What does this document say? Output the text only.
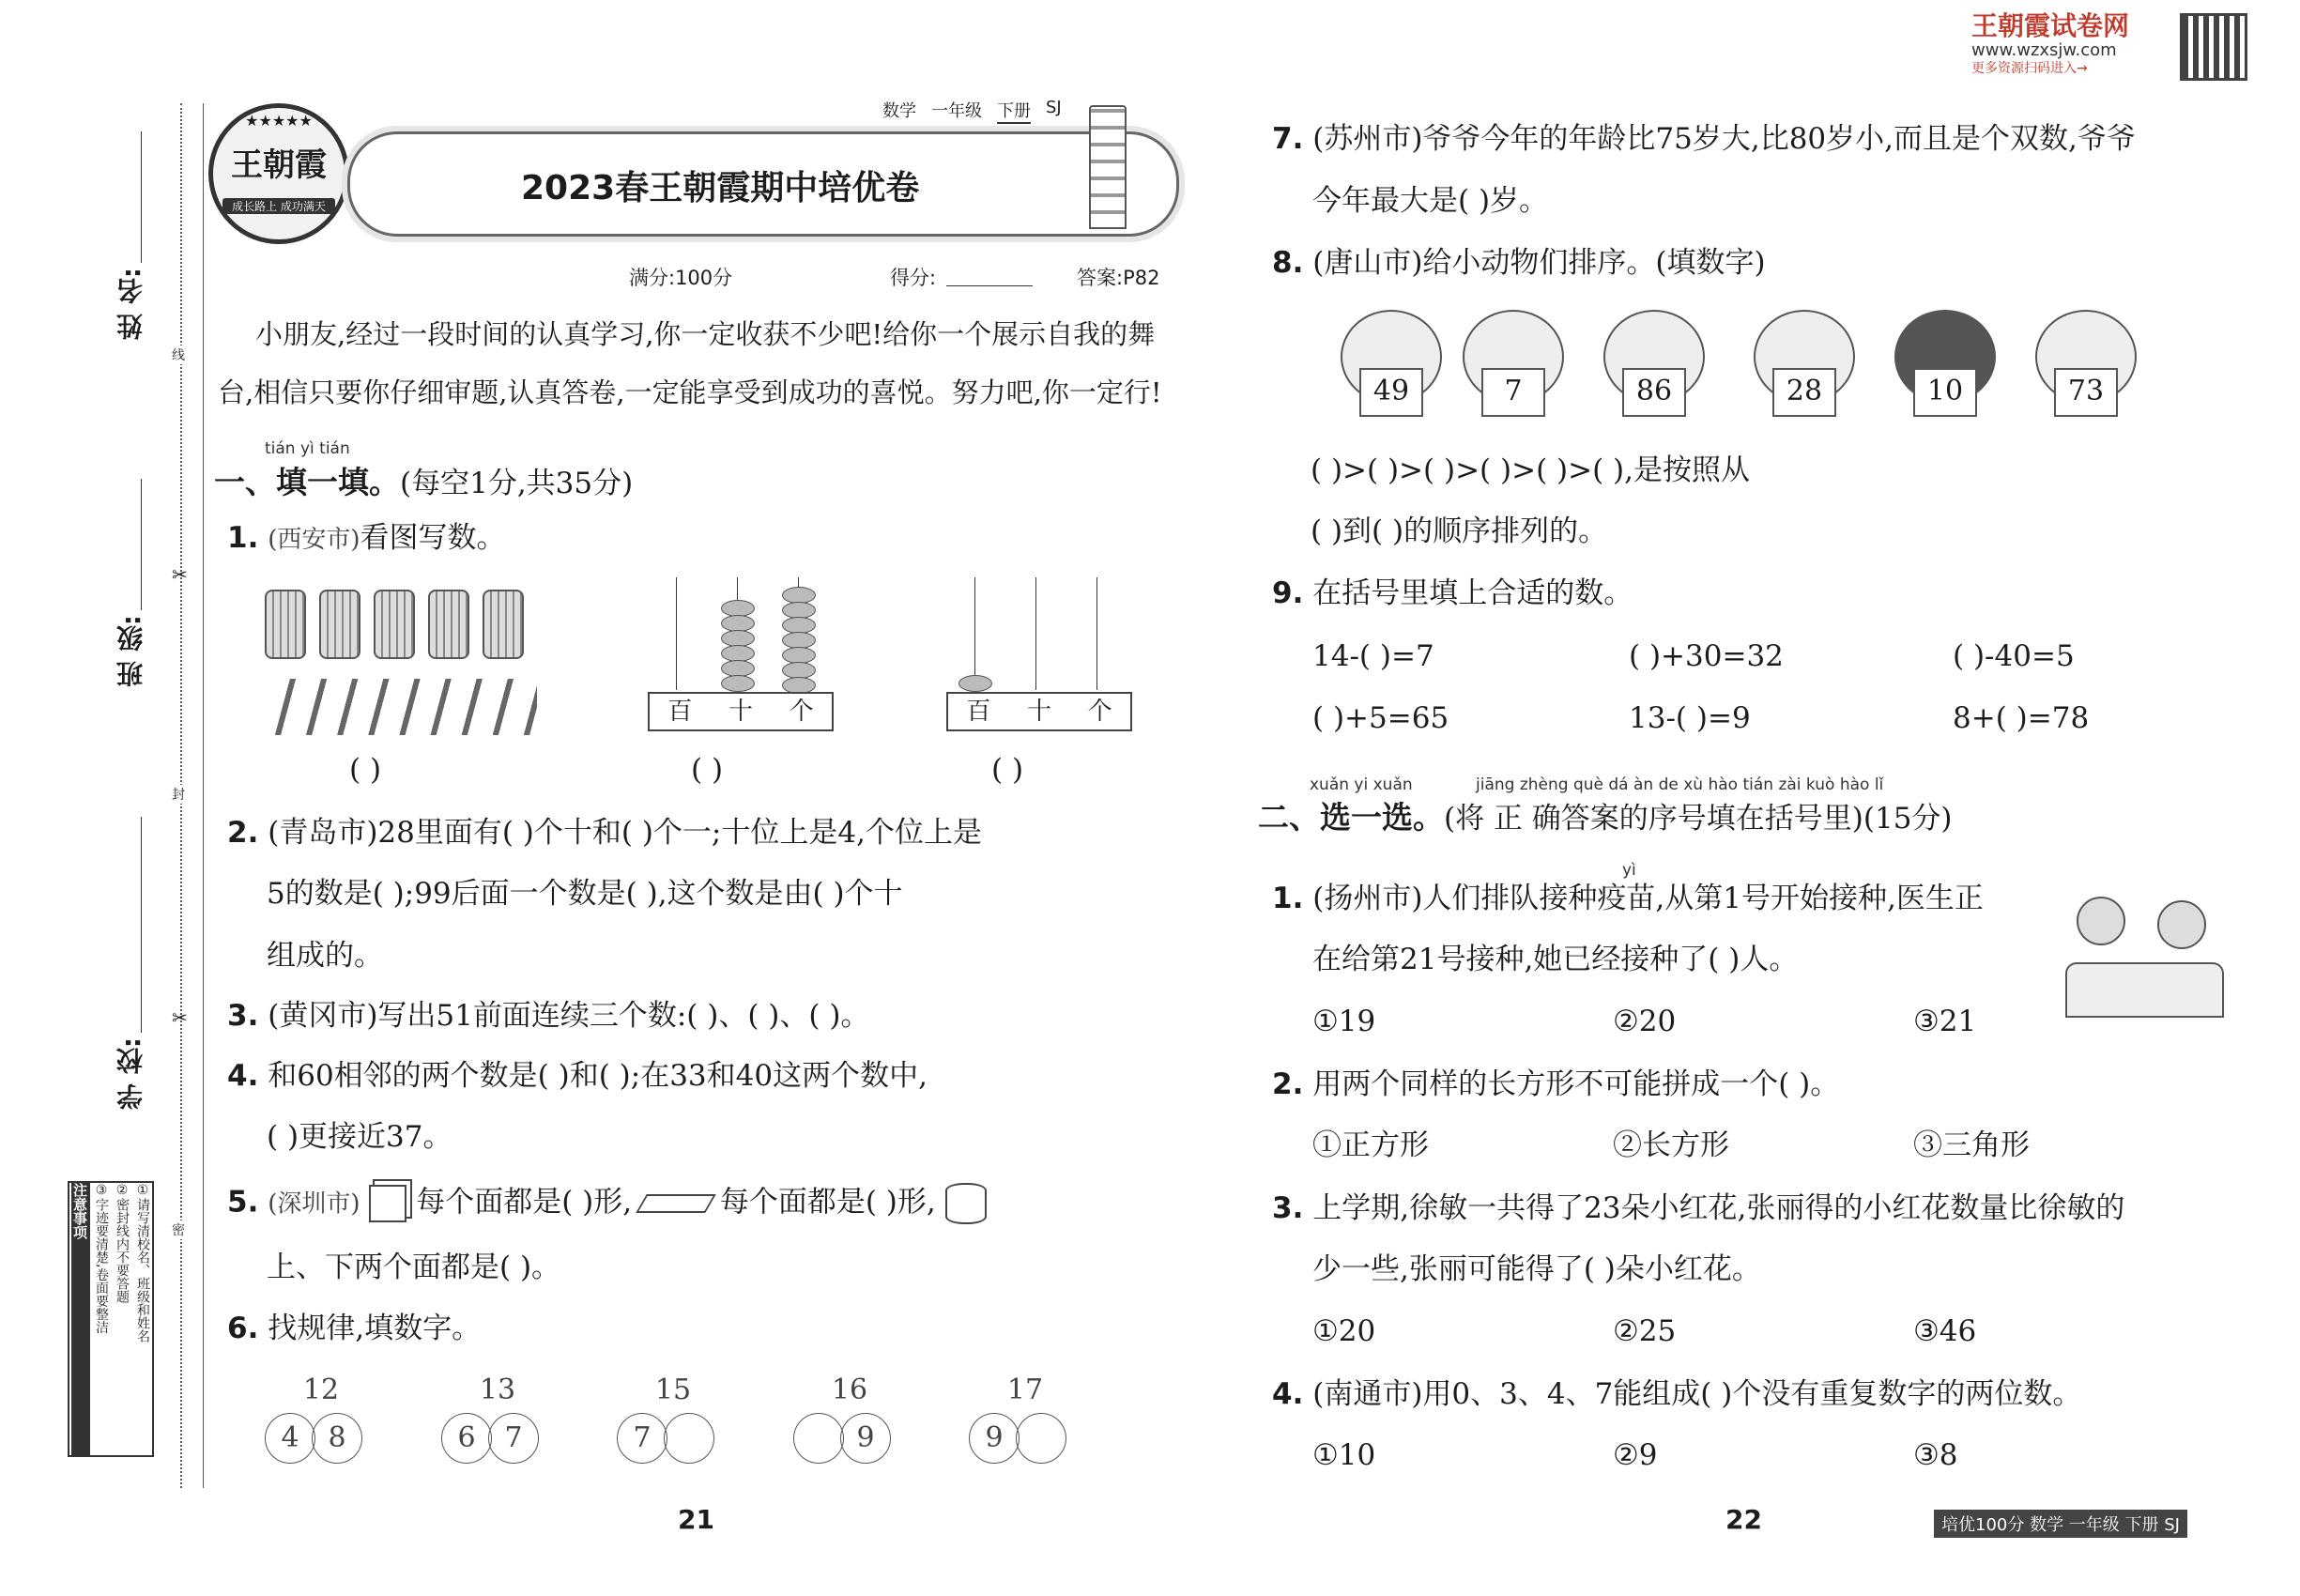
王朝霞试卷网
www.wzxsjw.com
更多资源扫码进入→
姓 名:
班 级:
学 校:
线
封
密
✂
✂
①请写清校名、班级和姓名
②密封线内不要答题
③字迹要清楚,卷面要整洁
注意事项
★★★★★
王朝霞
成长路上 成功满天
数学 一年级 下册 SJ
2023春王朝霞期中培优卷
满分:100分	得分:	答案:P82
小朋友,经过一段时间的认真学习,你一定收获不少吧!给你一个展示自我的舞
台,相信只要你仔细审题,认真答卷,一定能享受到成功的喜悦。努力吧,你一定行!
tián yì tián
一、填一填。(每空1分,共35分)
1. (西安市)看图写数。
( )
百 十 个
( )
百 十 个
( )
2. (青岛市)28里面有( )个十和( )个一;十位上是4,个位上是
5的数是( );99后面一个数是( ),这个数是由( )个十
组成的。
3. (黄冈市)写出51前面连续三个数:( )、( )、( )。
4. 和60相邻的两个数是( )和( );在33和40这两个数中,
( )更接近37。
5. (深圳市) 每个面都是( )形,	每个面都是( )形,
上、下两个面都是( )。
6. 找规律,填数字。
12
4	8
13
6	7
15
7
16
9
17
9
21
7. (苏州市)爷爷今年的年龄比75岁大,比80岁小,而且是个双数,爷爷
今年最大是( )岁。
8. (唐山市)给小动物们排序。(填数字)
49	7	86	28	10	73
( )>( )>( )>( )>( )>( ),是按照从
( )到( )的顺序排列的。
9. 在括号里填上合适的数。
14-( )=7	( )+30=32	( )-40=5
( )+5=65	13-( )=9	8+( )=78
xuǎn yi xuǎn	jiāng zhèng què dá àn de xù hào tián zài kuò hào lǐ
二、选一选。(将 正 确答案的序号填在括号里)(15分)
yì
1. (扬州市)人们排队接种疫苗,从第1号开始接种,医生正
在给第21号接种,她已经接种了( )人。
①19	②20	③21
2. 用两个同样的长方形不可能拼成一个( )。
①正方形	②长方形	③三角形
3. 上学期,徐敏一共得了23朵小红花,张丽得的小红花数量比徐敏的
少一些,张丽可能得了( )朵小红花。
①20	②25	③46
4. (南通市)用0、3、4、7能组成( )个没有重复数字的两位数。
①10	②9	③8
22	培优100分 数学 一年级 下册 SJ
